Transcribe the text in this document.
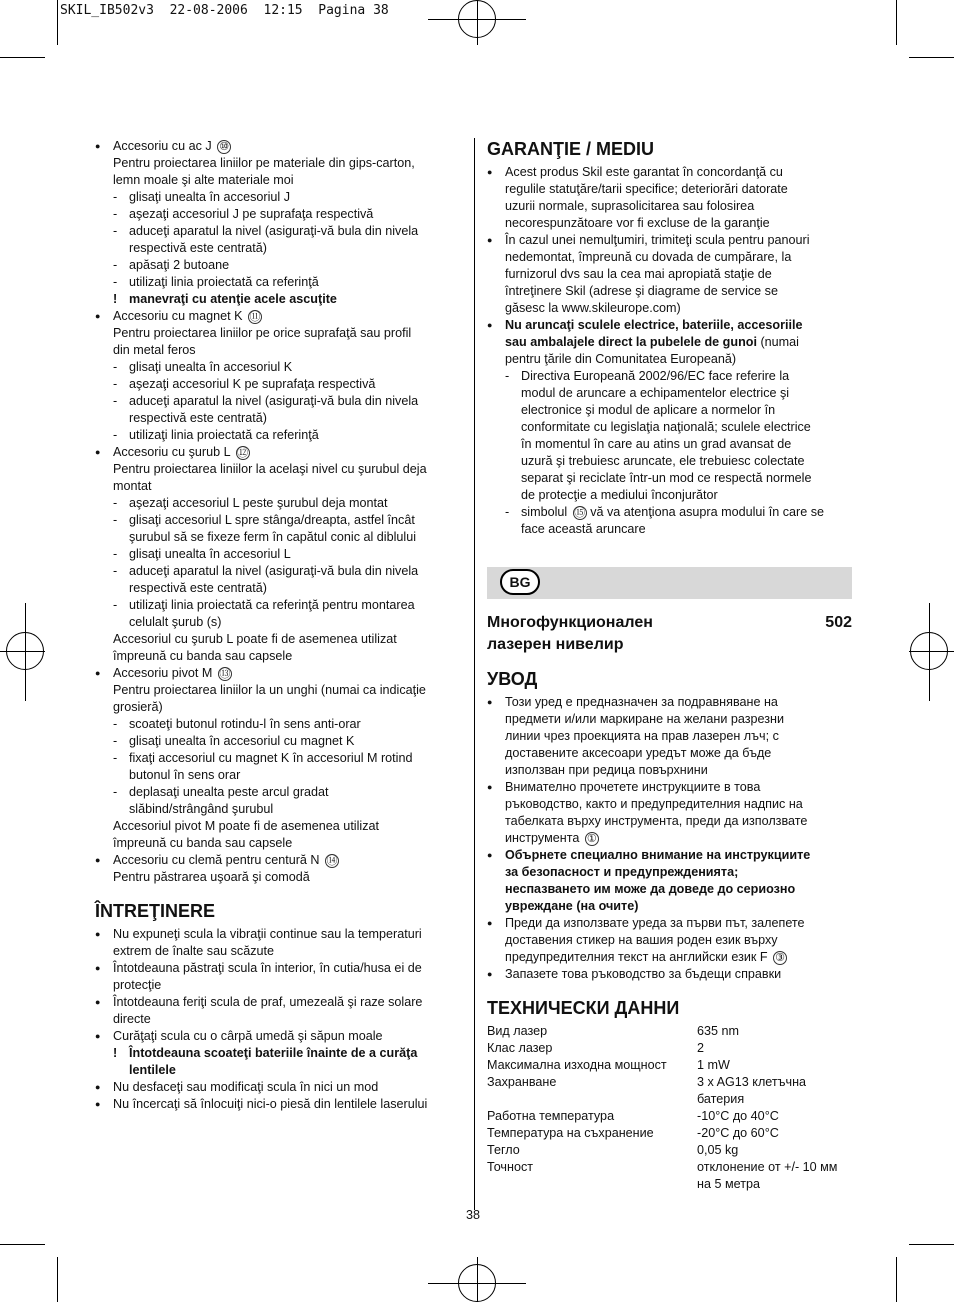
SKIL_IB502v3  22-08-2006  12:15  Pagina 38
● Accesoriu cu ac J ⑩
Pentru proiectarea liniilor pe materiale din gips-carton,
lemn moale şi alte materiale moi
- glisaţi unealta în accesoriul J
- aşezaţi accesoriul J pe suprafaţa respectivă
- aduceţi aparatul la nivel (asiguraţi-vă bula din nivela
respectivă este centrată)
- apăsaţi 2 butoane
- utilizaţi linia proiectată ca referinţă
! manevraţi cu atenţie acele ascuţite
● Accesoriu cu magnet K ⑪
Pentru proiectarea liniilor pe orice suprafaţă sau profil
din metal feros
- glisaţi unealta în accesoriul K
- aşezaţi accesoriul K pe suprafaţa respectivă
- aduceţi aparatul la nivel (asiguraţi-vă bula din nivela
respectivă este centrată)
- utilizaţi linia proiectată ca referinţă
● Accesoriu cu şurub L ⑫
Pentru proiectarea liniilor la acelaşi nivel cu şurubul deja
montat
- aşezaţi accesoriul L peste şurubul deja montat
- glisaţi accesoriul L spre stânga/dreapta, astfel încât
şurubul să se fixeze ferm în capătul conic al diblului
- glisaţi unealta în accesoriul L
- aduceţi aparatul la nivel (asiguraţi-vă bula din nivela
respectivă este centrată)
- utilizaţi linia proiectată ca referinţă pentru montarea
celulalt şurub (s)
Accesoriul cu şurub L poate fi de asemenea utilizat
împreună cu banda sau capsele
● Accesoriu pivot M ⑬
Pentru proiectarea liniilor la un unghi (numai ca indicaţie
grosieră)
- scoateţi butonul rotindu-l în sens anti-orar
- glisaţi unealta în accesoriul cu magnet K
- fixaţi accesoriul cu magnet K în accesoriul M rotind
butonul în sens orar
- deplasaţi unealta peste arcul gradat
slăbind/strângând şurubul
Accesoriul pivot M poate fi de asemenea utilizat
împreună cu banda sau capsele
● Accesoriu cu clemă pentru centură N ⑭
Pentru păstrarea uşoară şi comodă
ÎNTREŢINERE
● Nu expuneţi scula la vibraţii continue sau la temperaturi
extrem de înalte sau scăzute
● Întotdeauna păstraţi scula în interior, în cutia/husa ei de
protecţie
● Întotdeauna feriţi scula de praf, umezeală şi raze solare
directe
● Curăţaţi scula cu o cârpă umedă şi săpun moale
! Întotdeauna scoateţi bateriile înainte de a curăţa
lentilele
● Nu desfaceţi sau modificaţi scula în nici un mod
● Nu încercaţi să înlocuiţi nici-o piesă din lentilele laserului
GARANŢIE / MEDIU
● Acest produs Skil este garantat în concordanţă cu
regulile statuţăre/tarii specifice; deteriorări datorate
uzurii normale, suprasolicitarea sau folosirea
necorespunzătoare vor fi excluse de la garanţie
● În cazul unei nemulţumiri, trimiteţi scula pentru panouri
nedemontat, împreună cu dovada de cumpărare, la
furnizorul dvs sau la cea mai apropiată staţie de
întreţinere Skil (adrese şi diagrame de service se
găsesc la www.skileurope.com)
● Nu aruncaţi sculele electrice, bateriile, accesoriile
sau ambalajele direct la pubelele de gunoi (numai
pentru ţările din Comunitatea Europeană)
- Directiva Europeană 2002/96/EC face referire la
modul de aruncare a echipamentelor electrice şi
electronice şi modul de aplicare a normelor în
conformitate cu legislaţia naţională; sculele electrice
în momentul în care au atins un grad avansat de
uzură şi trebuiesc aruncate, ele trebuiesc colectate
separat şi reciclate într-un mod ce respectă normele
de protecţie a mediului înconjurător
- simbolul ⑮ vă va atenţiona asupra modului în care se
face această aruncare
BG
Многофункционален
лазерен нивелир
502
УВОД
● Този уред е предназначен за подравняване на
предмети и/или маркиране на желани разрезни
линии чрез проекцията на прав лазерен лъч; с
доставените аксесоари уредът може да бъде
използван при редица повърхнини
● Внимателно прочетете инструкциите в това
ръководство, както и предупредителния надпис на
табелката върху инструмента, преди да използвате
инструмента ①
● Обърнете специално внимание на инструкциите
за безопасност и предупрежденията;
неспазването им може да доведе до сериозно
увреждане (на очите)
● Преди да използвате уреда за първи път, залепете
доставения стикер на вашия роден език върху
предупредителния текст на английски език F ③
● Запазете това ръководство за бъдещи справки
ТЕХНИЧЕСКИ ДАННИ
Вид лазер	635 nm
Клас лазер	2
Максимална изходна мощност	1 mW
Захранване	3 x AG13 клетъчна
батерия
Работна температура	-10°C до 40°C
Температура на съхранение	-20°C до 60°C
Тегло	0,05 kg
Точност	отклонение от +/- 10 мм
на 5 метра
38
